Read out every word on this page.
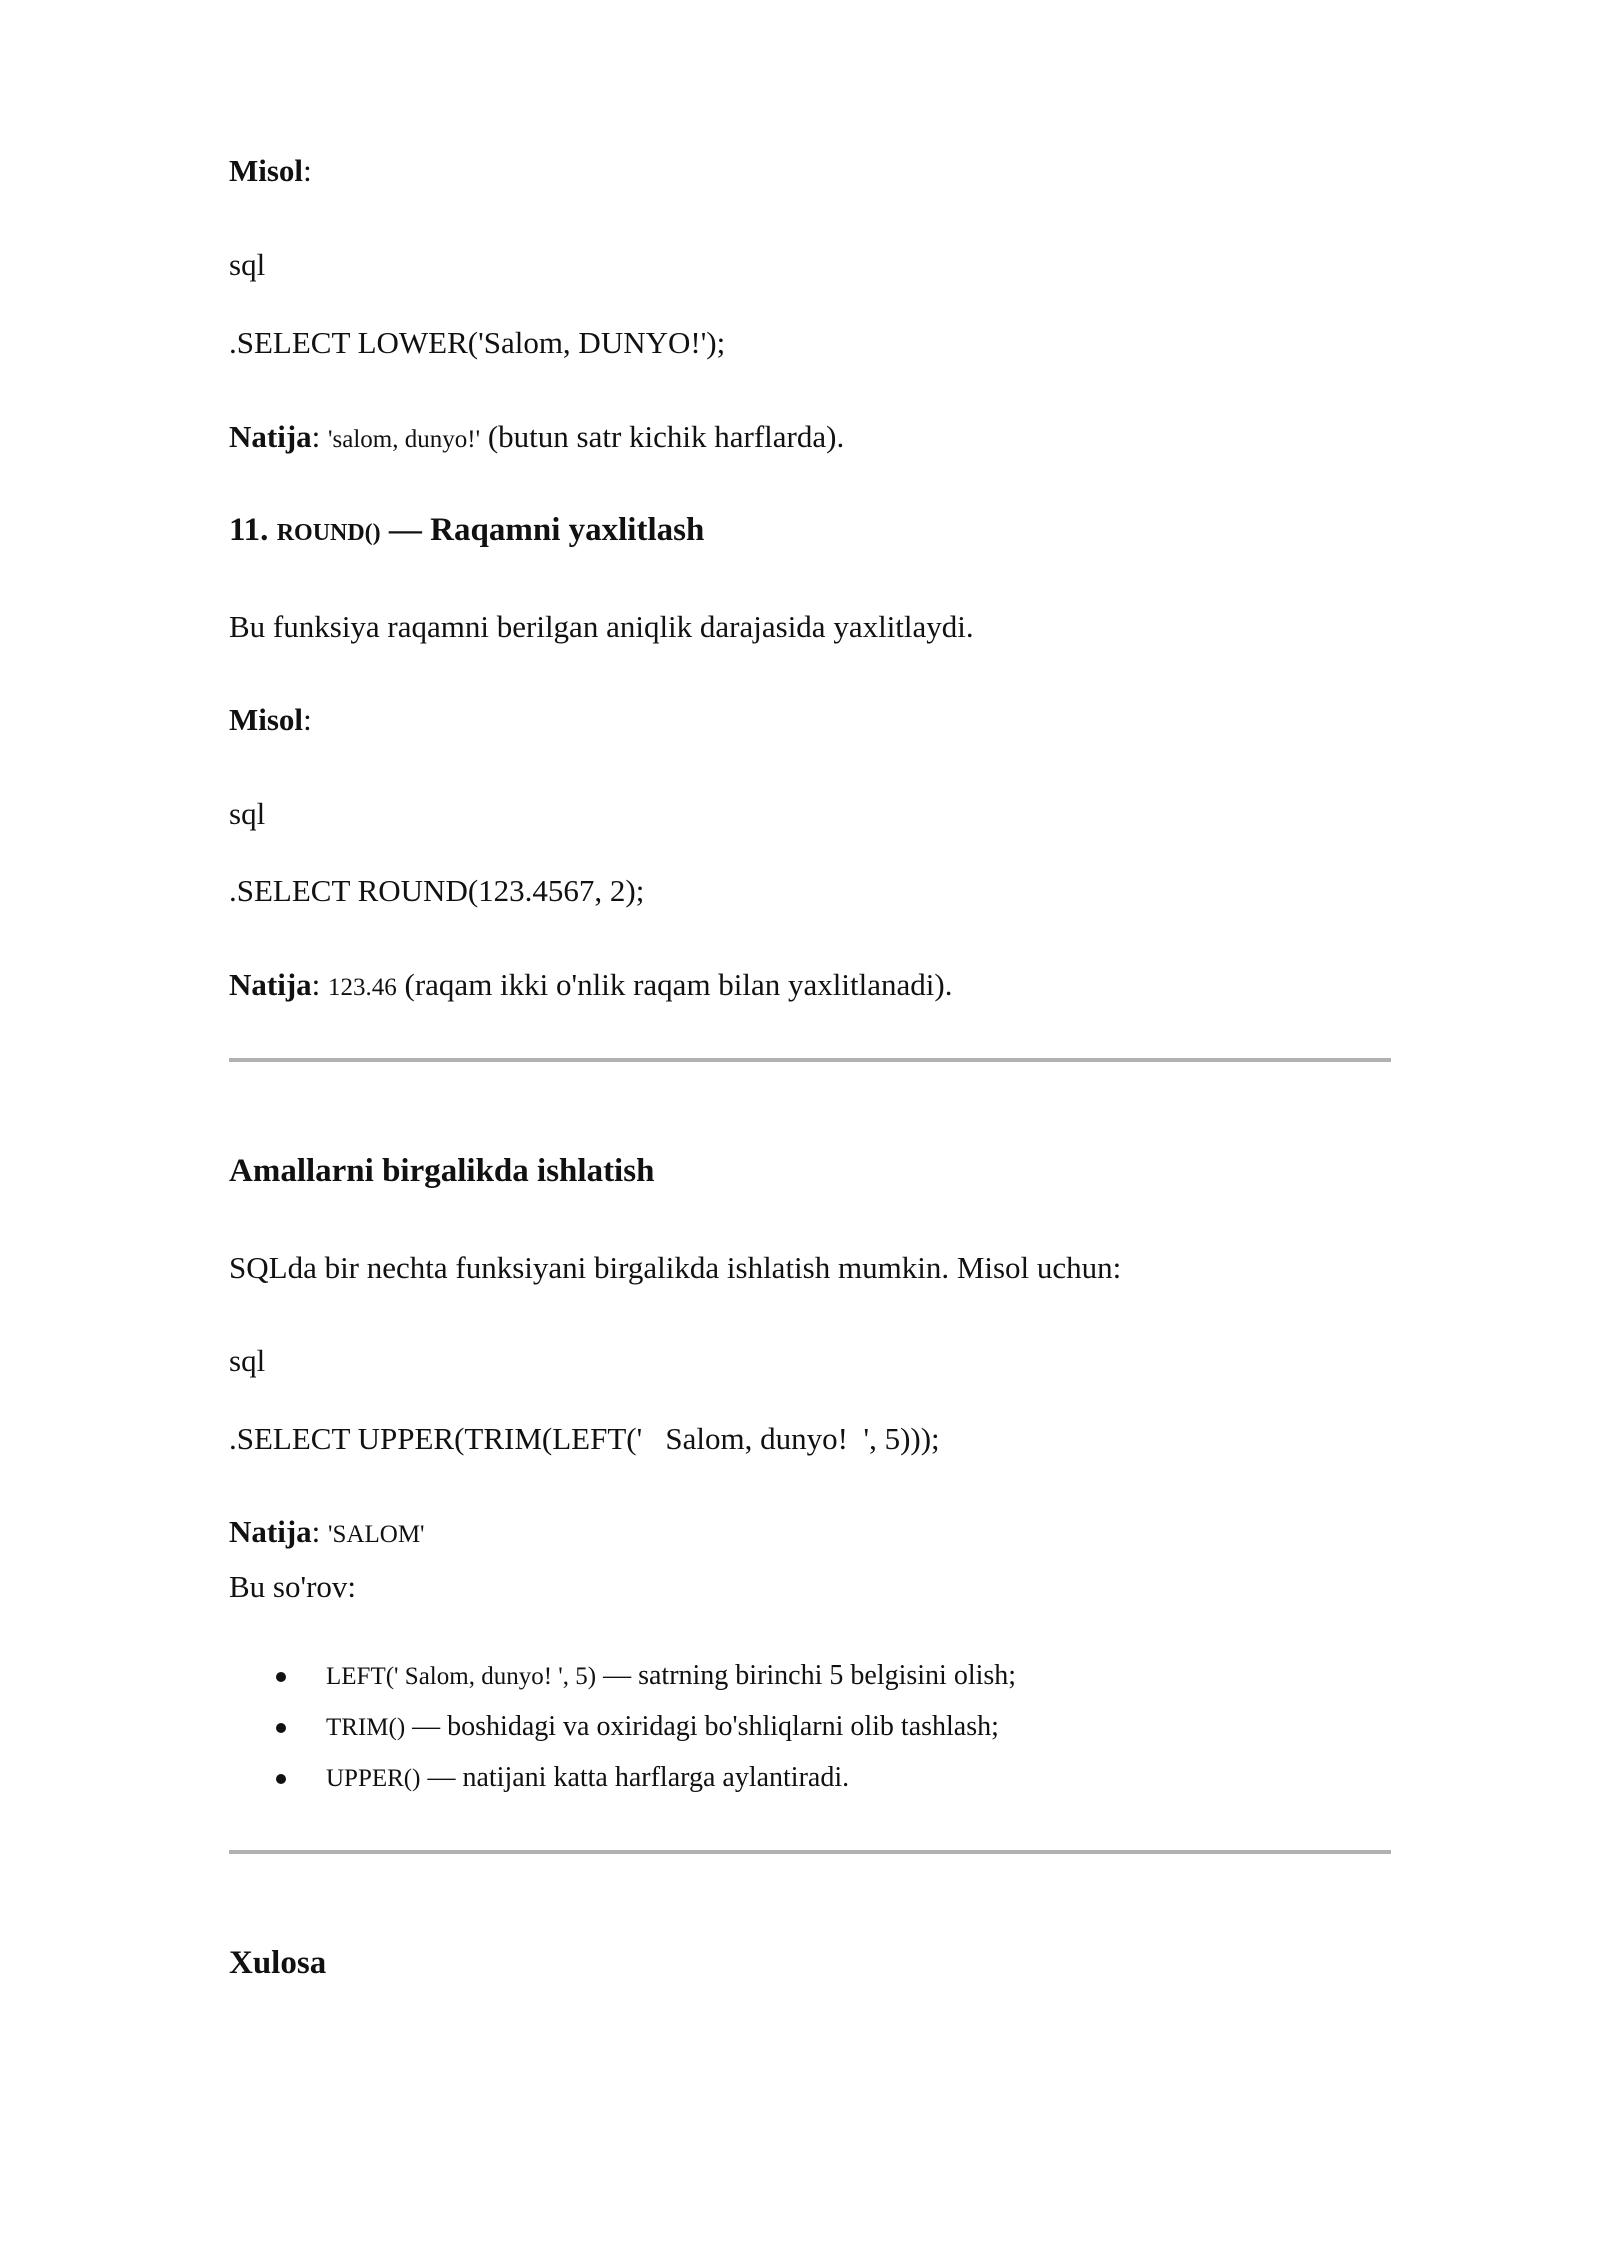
Misol:
sql
.SELECT LOWER('Salom, DUNYO!');
Natija: 'salom, dunyo!' (butun satr kichik harflarda).
11. ROUND() — Raqamni yaxlitlash
Bu funksiya raqamni berilgan aniqlik darajasida yaxlitlaydi.
Misol:
sql
.SELECT ROUND(123.4567, 2);
Natija: 123.46 (raqam ikki o'nlik raqam bilan yaxlitlanadi).
Amallarni birgalikda ishlatish
SQLda bir nechta funksiyani birgalikda ishlatish mumkin. Misol uchun:
sql
.SELECT UPPER(TRIM(LEFT('   Salom, dunyo!  ', 5)));
Natija: 'SALOM'
Bu so'rov:
LEFT(' Salom, dunyo! ', 5) — satrning birinchi 5 belgisini olish;
TRIM() — boshidagi va oxiridagi bo'shliqlarni olib tashlash;
UPPER() — natijani katta harflarga aylantiradi.
Xulosa
